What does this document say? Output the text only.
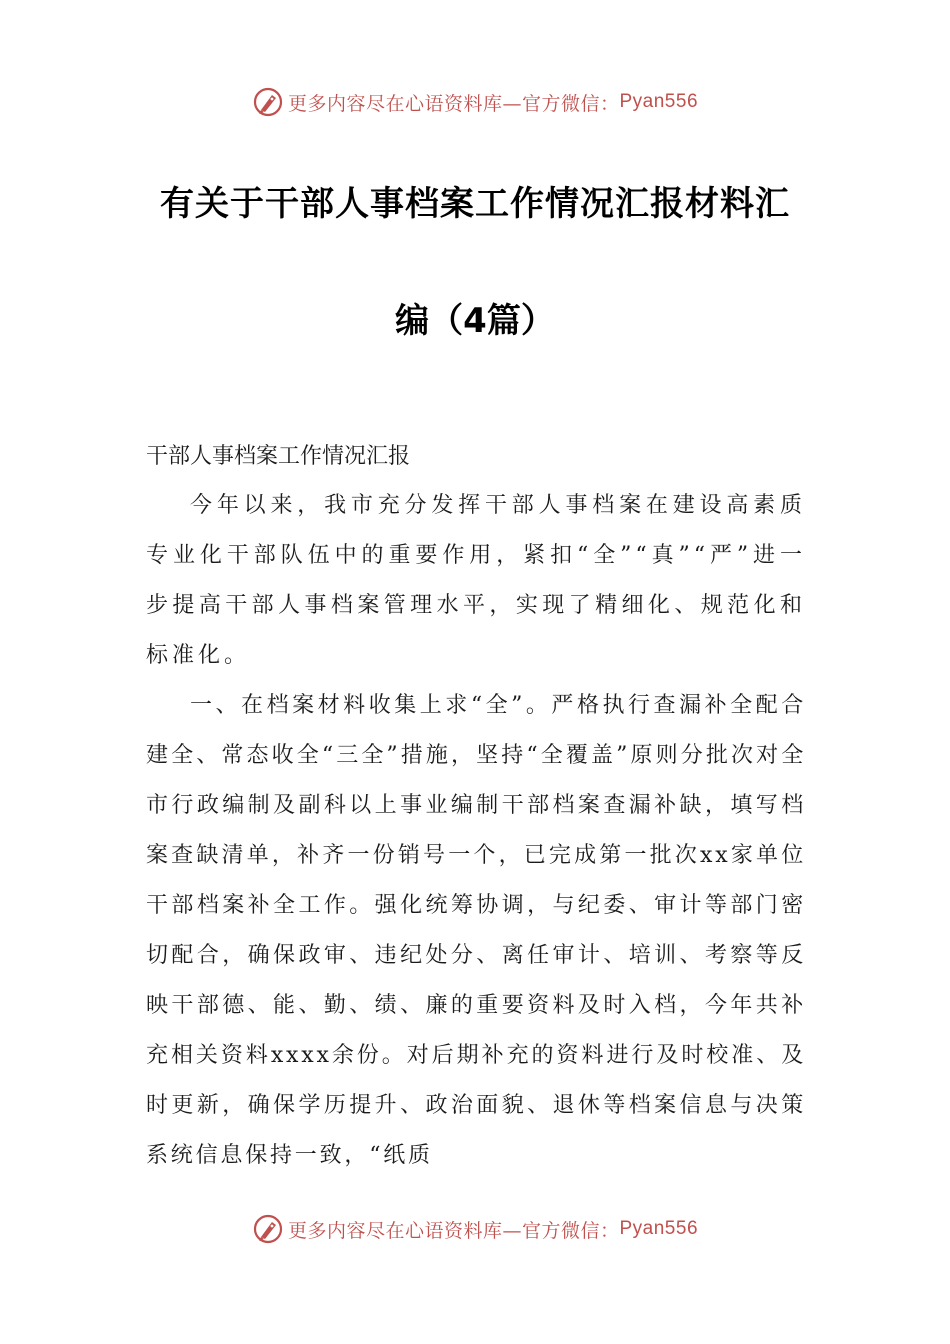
更多内容尽在心语资料库—官方微信： Pyan556
有关于干部人事档案工作情况汇报材料汇
编（4篇）
干部人事档案工作情况汇报

今年以来，我市充分发挥干部人事档案在建设高素质专业化干部队伍中的重要作用，紧扣“全”“真”“严”进一步提高干部人事档案管理水平，实现了精细化、规范化和标准化。

一、在档案材料收集上求“全”。严格执行查漏补全配合建全、常态收全“三全”措施，坚持“全覆盖”原则分批次对全市行政编制及副科以上事业编制干部档案查漏补缺，填写档案查缺清单，补齐一份销号一个，已完成第一批次xx家单位干部档案补全工作。强化统筹协调，与纪委、审计等部门密切配合，确保政审、违纪处分、离任审计、培训、考察等反映干部德、能、勤、绩、廉的重要资料及时入档，今年共补充相关资料xxxx余份。对后期补充的资料进行及时校准、及时更新，确保学历提升、政治面貌、退休等档案信息与决策系统信息保持一致，“纸质

更多内容尽在心语资料库—官方微信： Pyan556
